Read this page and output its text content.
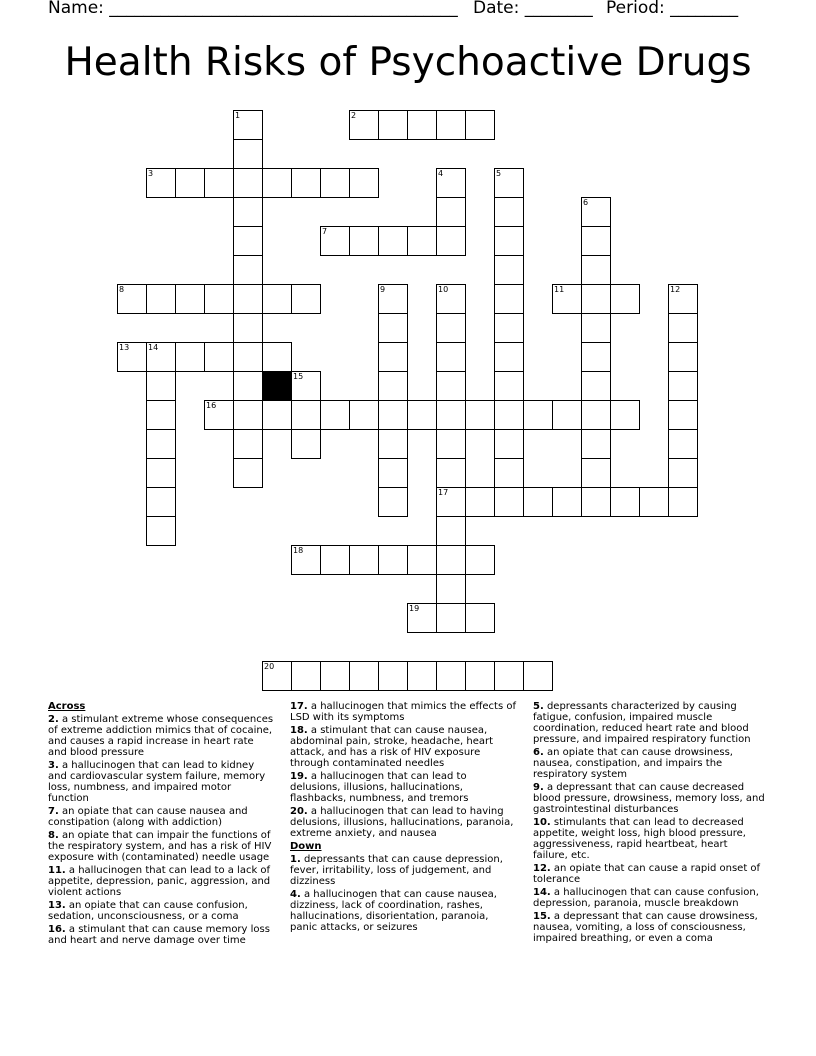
Name: _________________________________________ Date: ________ Period: ________
Health Risks of Psychoactive Drugs
2
3
7
8	11
13
16
17
18
19
20
1
4	5
6
9	10	12
14
15
Across
2. a stimulant extreme whose consequences of extreme addiction mimics that of cocaine, and causes a rapid increase in heart rate and blood pressure
3. a hallucinogen that can lead to kidney and cardiovascular system failure, memory loss, numbness, and impaired motor function
7. an opiate that can cause nausea and constipation (along with addiction)
8. an opiate that can impair the functions of the respiratory system, and has a risk of HIV exposure with (contaminated) needle usage
11. a hallucinogen that can lead to a lack of appetite, depression, panic, aggression, and violent actions
13. an opiate that can cause confusion, sedation, unconsciousness, or a coma
16. a stimulant that can cause memory loss and heart and nerve damage over time
17. a hallucinogen that mimics the effects of LSD with its symptoms
18. a stimulant that can cause nausea, abdominal pain, stroke, headache, heart attack, and has a risk of HIV exposure through contaminated needles
19. a hallucinogen that can lead to delusions, illusions, hallucinations, flashbacks, numbness, and tremors
20. a hallucinogen that can lead to having delusions, illusions, hallucinations, paranoia, extreme anxiety, and nausea
Down
1. depressants that can cause depression, fever, irritability, loss of judgement, and dizziness
4. a hallucinogen that can cause nausea, dizziness, lack of coordination, rashes, hallucinations, disorientation, paranoia, panic attacks, or seizures
5. depressants characterized by causing fatigue, confusion, impaired muscle coordination, reduced heart rate and blood pressure, and impaired respiratory function
6. an opiate that can cause drowsiness, nausea, constipation, and impairs the respiratory system
9. a depressant that can cause decreased blood pressure, drowsiness, memory loss, and gastrointestinal disturbances
10. stimulants that can lead to decreased appetite, weight loss, high blood pressure, aggressiveness, rapid heartbeat, heart failure, etc.
12. an opiate that can cause a rapid onset of tolerance
14. a hallucinogen that can cause confusion, depression, paranoia, muscle breakdown
15. a depressant that can cause drowsiness, nausea, vomiting, a loss of consciousness, impaired breathing, or even a coma
